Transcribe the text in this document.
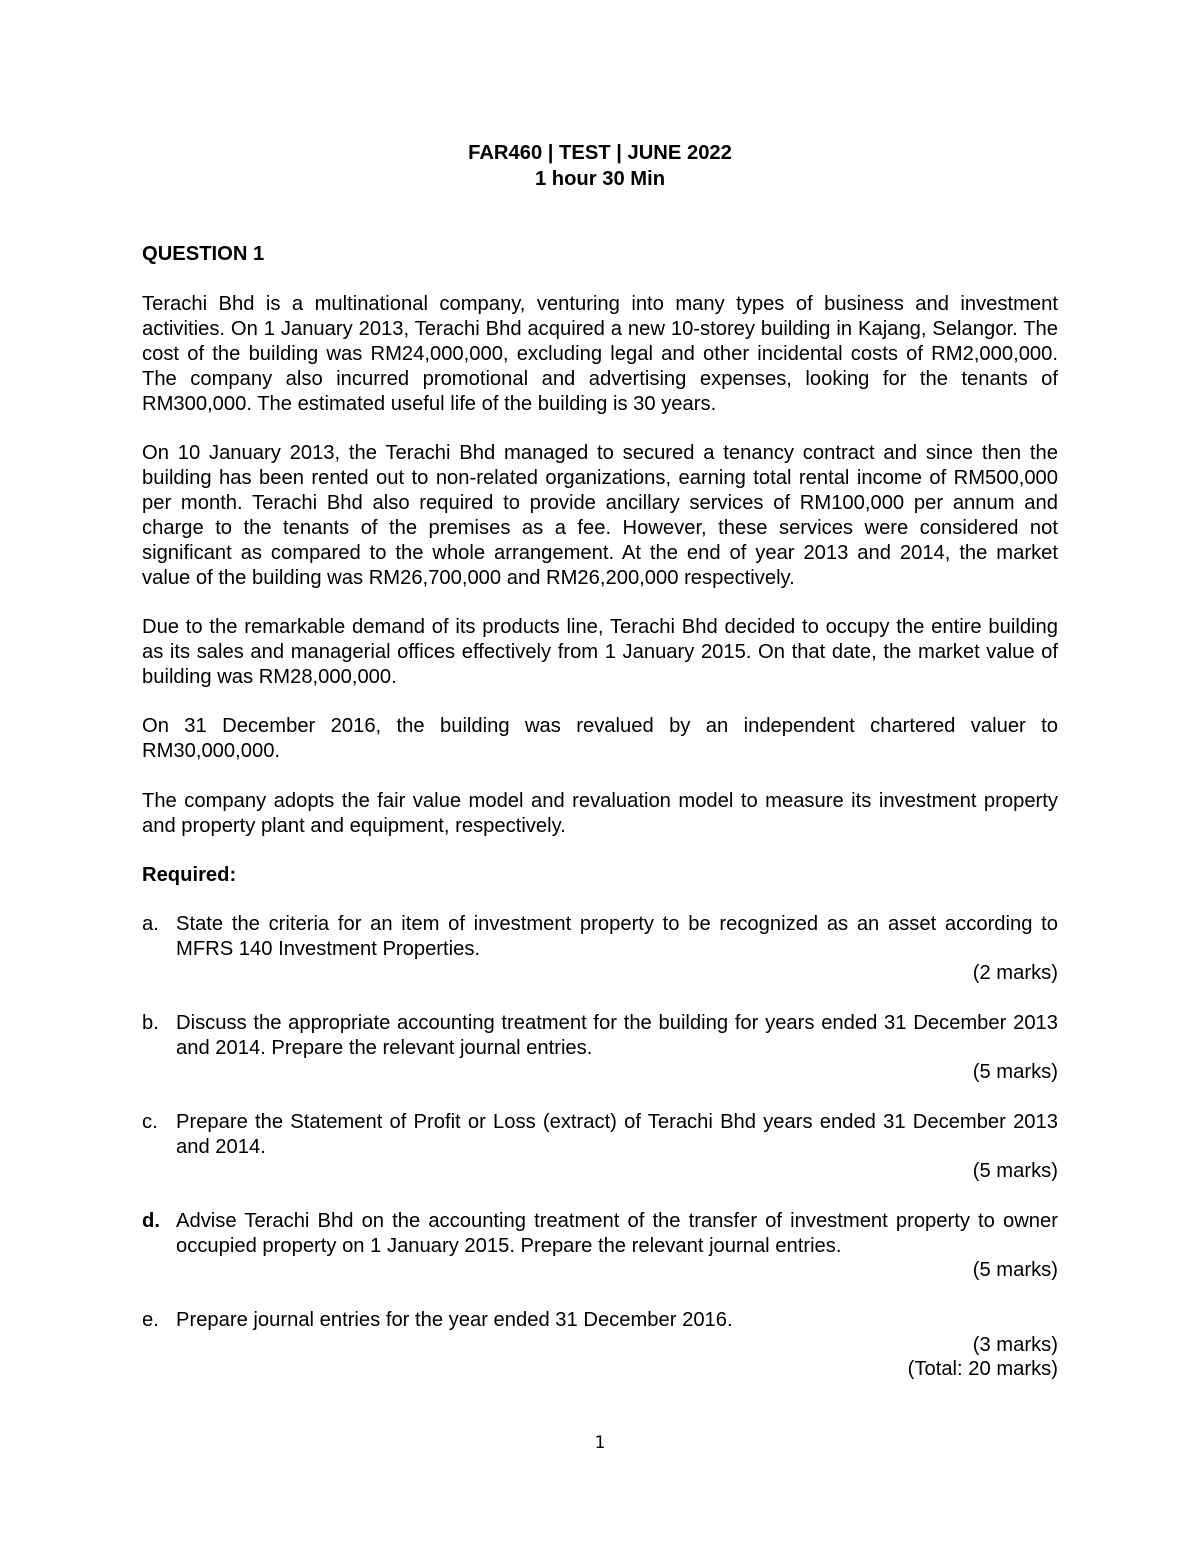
FAR460 | TEST | JUNE 2022
1 hour 30 Min
QUESTION 1

Terachi Bhd is a multinational company, venturing into many types of business and investment activities. On 1 January 2013, Terachi Bhd acquired a new 10-storey building in Kajang, Selangor. The cost of the building was RM24,000,000, excluding legal and other incidental costs of RM2,000,000. The company also incurred promotional and advertising expenses, looking for the tenants of RM300,000. The estimated useful life of the building is 30 years.

On 10 January 2013, the Terachi Bhd managed to secured a tenancy contract and since then the building has been rented out to non-related organizations, earning total rental income of RM500,000 per month. Terachi Bhd also required to provide ancillary services of RM100,000 per annum and charge to the tenants of the premises as a fee. However, these services were considered not significant as compared to the whole arrangement. At the end of year 2013 and 2014, the market value of the building was RM26,700,000 and RM26,200,000 respectively.

Due to the remarkable demand of its products line, Terachi Bhd decided to occupy the entire building as its sales and managerial offices effectively from 1 January 2015. On that date, the market value of building was RM28,000,000.

On 31 December 2016, the building was revalued by an independent chartered valuer to RM30,000,000.

The company adopts the fair value model and revaluation model to measure its investment property and property plant and equipment, respectively.

Required:
a. State the criteria for an item of investment property to be recognized as an asset according to MFRS 140 Investment Properties.

(2 marks)
b. Discuss the appropriate accounting treatment for the building for years ended 31 December 2013 and 2014. Prepare the relevant journal entries.

(5 marks)
c. Prepare the Statement of Profit or Loss (extract) of Terachi Bhd years ended 31 December 2013 and 2014.

(5 marks)
d. Advise Terachi Bhd on the accounting treatment of the transfer of investment property to owner occupied property on 1 January 2015. Prepare the relevant journal entries.

(5 marks)
e. Prepare journal entries for the year ended 31 December 2016.

(3 marks)
(Total: 20 marks)
1
